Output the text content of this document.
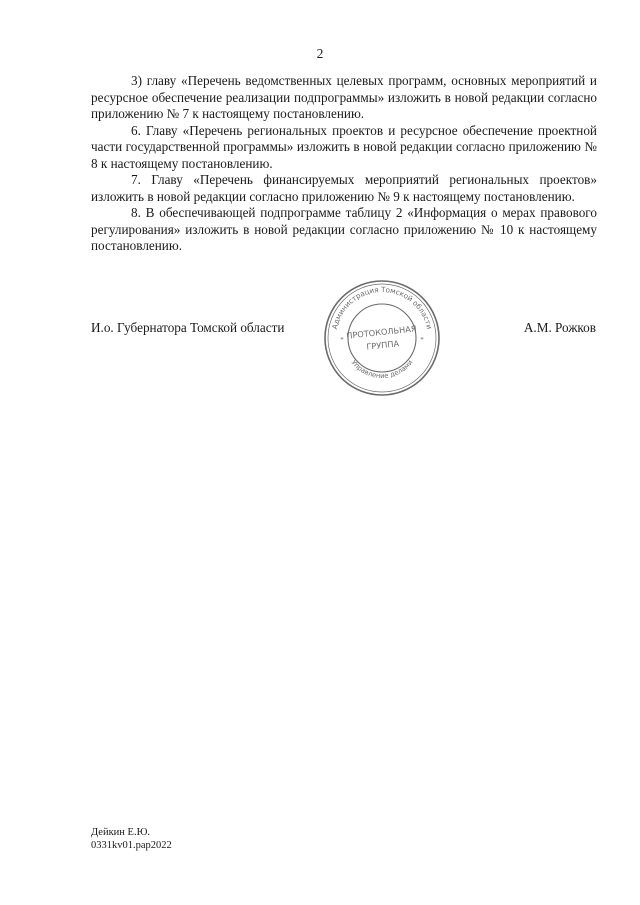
2

3) главу «Перечень ведомственных целевых программ, основных мероприятий и ресурсное обеспечение реализации подпрограммы» изложить в новой редакции согласно приложению № 7 к настоящему постановлению.

6. Главу «Перечень региональных проектов и ресурсное обеспечение проектной части государственной программы» изложить в новой редакции согласно приложению № 8 к настоящему постановлению.

7. Главу «Перечень финансируемых мероприятий региональных проектов» изложить в новой редакции согласно приложению № 9 к настоящему постановлению.

8. В обеспечивающей подпрограмме таблицу 2 «Информация о мерах правового регулирования» изложить в новой редакции согласно приложению № 10 к настоящему постановлению.

И.о. Губернатора Томской области	А.М. Рожков
Администрация Томской области
Управление делами
*	*
ПРОТОКОЛЬНАЯ
ГРУППА
Дейкин Е.Ю.
0331kv01.pap2022
